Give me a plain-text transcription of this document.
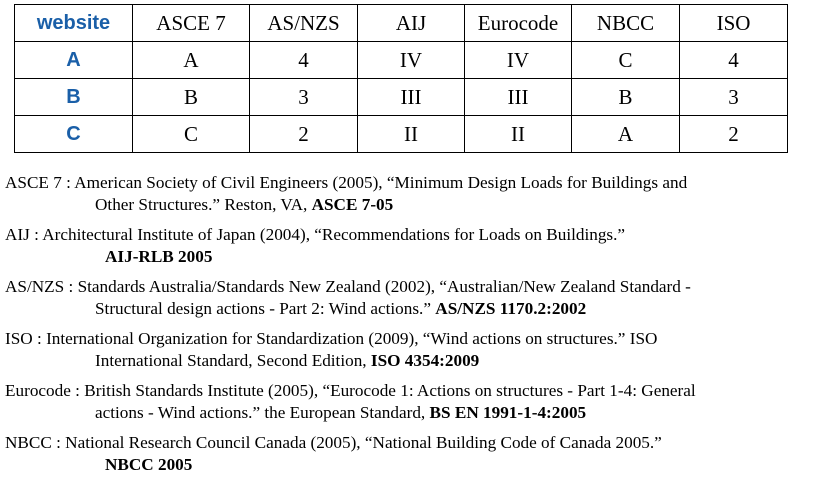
website	ASCE 7	AS/NZS	AIJ	Eurocode	NBCC	ISO
A	A	4	IV	IV	C	4
B	B	3	III	III	B	3
C	C	2	II	II	A	2
ASCE 7 : American Society of Civil Engineers (2005), “Minimum Design Loads for Buildings and
Other Structures.” Reston, VA, ASCE 7-05
AIJ : Architectural Institute of Japan (2004), “Recommendations for Loads on Buildings.”
AIJ-RLB 2005
AS/NZS : Standards Australia/Standards New Zealand (2002), “Australian/New Zealand Standard -
Structural design actions - Part 2: Wind actions.” AS/NZS 1170.2:2002
ISO : International Organization for Standardization (2009), “Wind actions on structures.” ISO
International Standard, Second Edition, ISO 4354:2009
Eurocode : British Standards Institute (2005), “Eurocode 1: Actions on structures - Part 1-4: General
actions - Wind actions.” the European Standard, BS EN 1991-1-4:2005
NBCC : National Research Council Canada (2005), “National Building Code of Canada 2005.”
NBCC 2005
